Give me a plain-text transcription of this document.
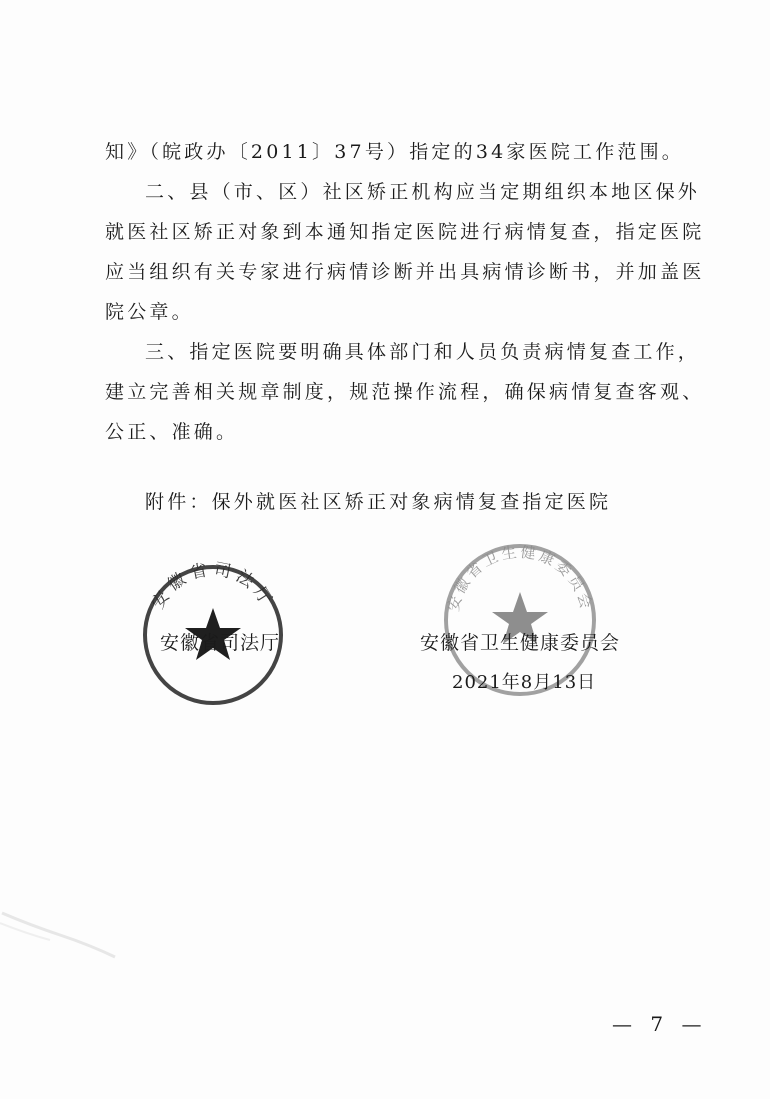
知》（皖政办〔2011〕37号）指定的34家医院工作范围。
二、县（市、区）社区矫正机构应当定期组织本地区保外
就医社区矫正对象到本通知指定医院进行病情复查，指定医院
应当组织有关专家进行病情诊断并出具病情诊断书，并加盖医
院公章。
三、指定医院要明确具体部门和人员负责病情复查工作，
建立完善相关规章制度，规范操作流程，确保病情复查客观、
公正、准确。
附件：保外就医社区矫正对象病情复查指定医院
安徽省司法厅	安徽省卫生健康委员会
安徽省司法厅	安徽省卫生健康委员会
2021年8月13日
— 7 —
